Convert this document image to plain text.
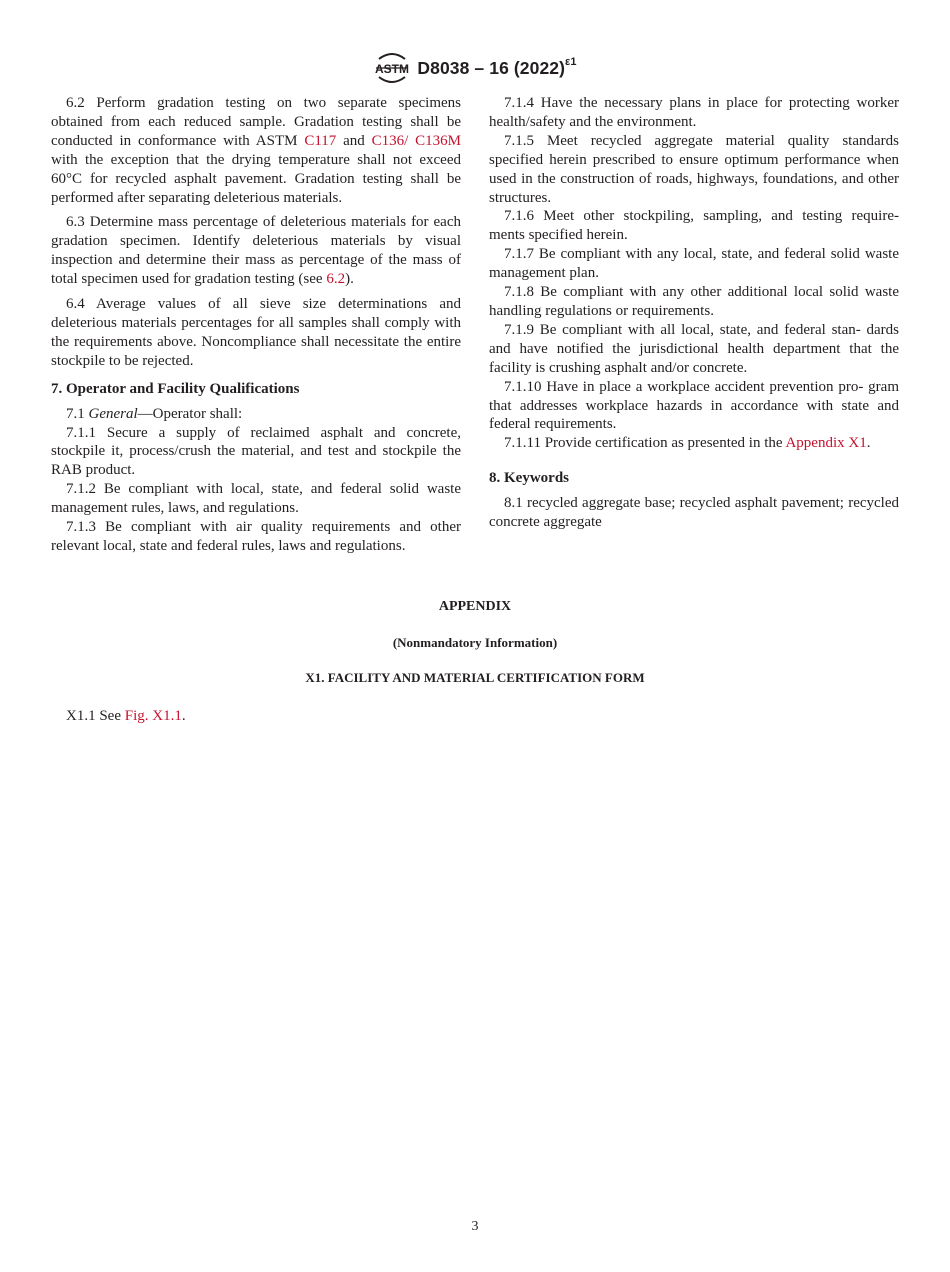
ASTM D8038 – 16 $(2022)^{\varepsilon 1}$

6.2 Perform gradation testing on two separate specimens obtained from each reduced sample. Gradation testing shall be conducted in conformance with ASTM C117 and C136/ C136M with the exception that the drying temperature shall not exceed 60°C for recycled asphalt pavement. Gradation testing shall be performed after separating deleterious materials.

6.3 Determine mass percentage of deleterious materials for each gradation specimen. Identify deleterious materials by visual inspection and determine their mass as percentage of the mass of total specimen used for gradation testing (see 6.2).

6.4 Average values of all sieve size determinations and deleterious materials percentages for all samples shall comply with the requirements above. Noncompliance shall necessitate the entire stockpile to be rejected.

7. Operator and Facility Qualifications

7.1 General—Operator shall:

7.1.1 Secure a supply of reclaimed asphalt and concrete, stockpile it, process/crush the material, and test and stockpile the RAB product.

7.1.2 Be compliant with local, state, and federal solid waste management rules, laws, and regulations.

7.1.3 Be compliant with air quality requirements and other relevant local, state and federal rules, laws and regulations.

7.1.4 Have the necessary plans in place for protecting worker health/safety and the environment.

7.1.5 Meet recycled aggregate material quality standards specified herein prescribed to ensure optimum performance when used in the construction of roads, highways, foundations, and other structures.

7.1.6 Meet other stockpiling, sampling, and testing require- ments specified herein.

7.1.7 Be compliant with any local, state, and federal solid waste management plan.

7.1.8 Be compliant with any other additional local solid waste handling regulations or requirements.

7.1.9 Be compliant with all local, state, and federal stan- dards and have notified the jurisdictional health department that the facility is crushing asphalt and/or concrete.

7.1.10 Have in place a workplace accident prevention pro- gram that addresses workplace hazards in accordance with state and federal requirements.

7.1.11 Provide certification as presented in the Appendix X1.

8. Keywords

8.1 recycled aggregate base; recycled asphalt pavement; recycled concrete aggregate

APPENDIX
(Nonmandatory Information)
X1. FACILITY AND MATERIAL CERTIFICATION FORM
X1.1 See Fig. X1.1.
3
